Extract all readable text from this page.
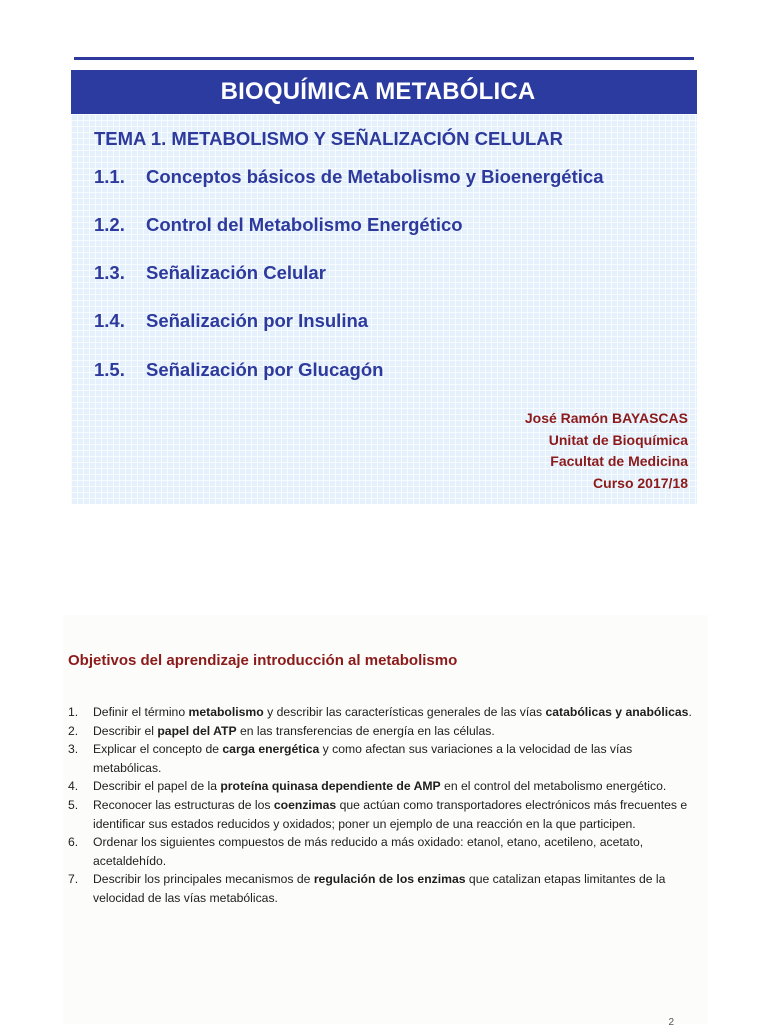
BIOQUÍMICA METABÓLICA
TEMA 1. METABOLISMO Y SEÑALIZACIÓN CELULAR
1.1. Conceptos básicos de Metabolismo y Bioenergética
1.2. Control del Metabolismo Energético
1.3. Señalización Celular
1.4. Señalización por Insulina
1.5. Señalización por Glucagón
José Ramón BAYASCAS
Unitat de Bioquímica
Facultat de Medicina
Curso 2017/18
Objetivos del aprendizaje introducción al metabolismo
1.	Definir el término metabolismo y describir las características generales de las vías catabólicas y anabólicas.
2.	Describir el papel del ATP en las transferencias de energía en las células.
3.	Explicar el concepto de carga energética y como afectan sus variaciones a la velocidad de las vías metabólicas.
4.	Describir el papel de la proteína quinasa dependiente de AMP en el control del metabolismo energético.
5.	Reconocer las estructuras de los coenzimas que actúan como transportadores electrónicos más frecuentes e identificar sus estados reducidos y oxidados; poner un ejemplo de una reacción en la que participen.
6.	Ordenar los siguientes compuestos de más reducido a más oxidado: etanol, etano, acetileno, acetato, acetaldehído.
7.	Describir los principales mecanismos de regulación de los enzimas que catalizan etapas limitantes de la velocidad de las vías metabólicas.
2
